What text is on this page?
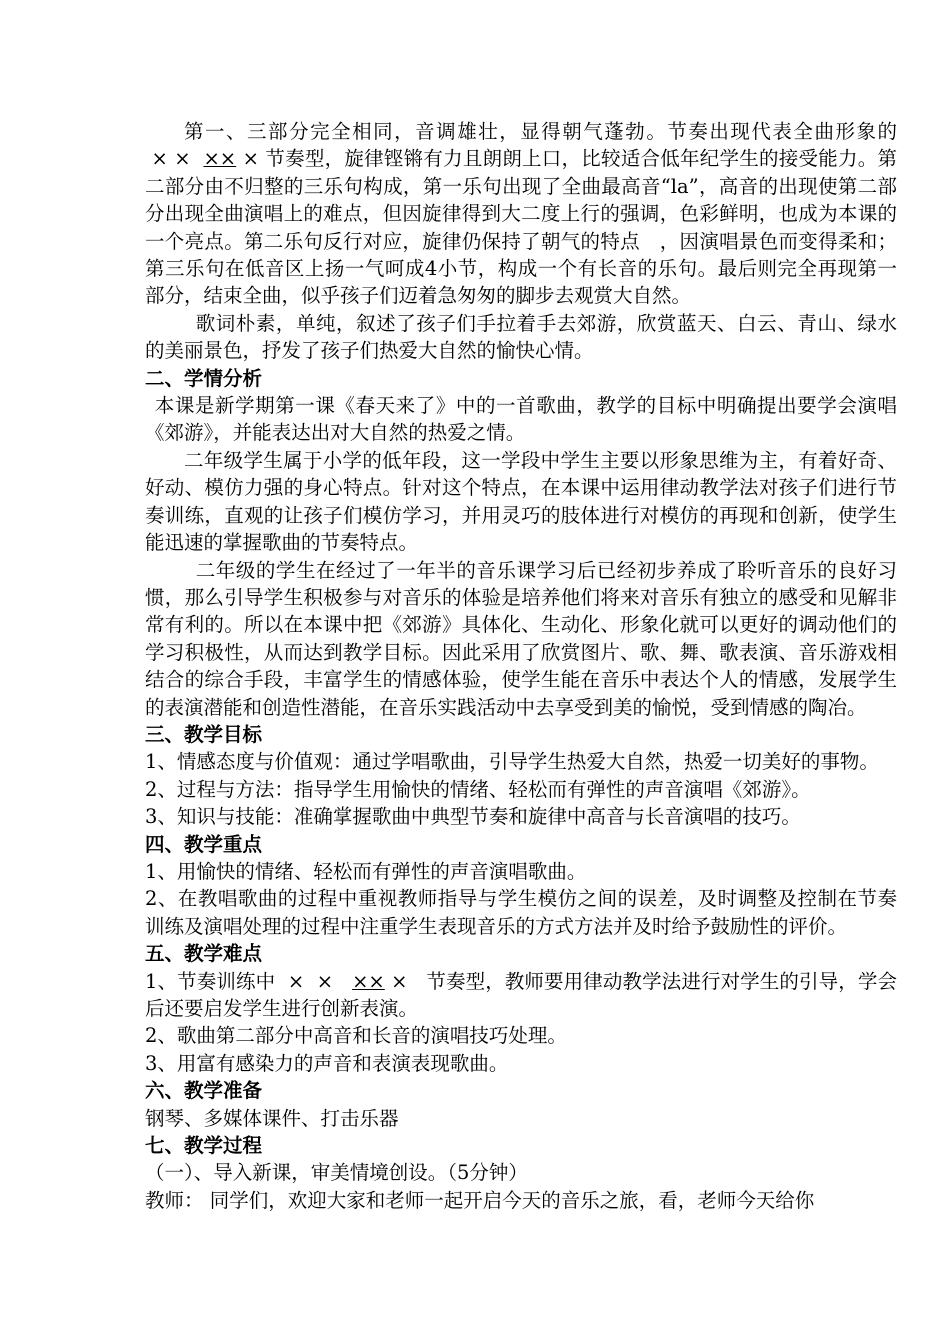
第一、三部分完全相同，音调雄壮，显得朝气蓬勃。节奏出现代表全曲形象的 × ×  ×× × 节奏型，旋律铿锵有力且朗朗上口，比较适合低年纪学生的接受能力。第二部分由不归整的三乐句构成，第一乐句出现了全曲最高音“la”，高音的出现使第二部分出现全曲演唱上的难点，但因旋律得到大二度上行的强调，色彩鲜明，也成为本课的一个亮点。第二乐句反行对应，旋律仍保持了朝气的特点　，因演唱景色而变得柔和；第三乐句在低音区上扬一气呵成4小节，构成一个有长音的乐句。最后则完全再现第一部分，结束全曲，似乎孩子们迈着急匆匆的脚步去观赏大自然。

歌词朴素，单纯，叙述了孩子们手拉着手去郊游，欣赏蓝天、白云、青山、绿水的美丽景色，抒发了孩子们热爱大自然的愉快心情。

二、学情分析

本课是新学期第一课《春天来了》中的一首歌曲，教学的目标中明确提出要学会演唱《郊游》，并能表达出对大自然的热爱之情。

二年级学生属于小学的低年段，这一学段中学生主要以形象思维为主，有着好奇、好动、模仿力强的身心特点。针对这个特点，在本课中运用律动教学法对孩子们进行节奏训练，直观的让孩子们模仿学习，并用灵巧的肢体进行对模仿的再现和创新，使学生能迅速的掌握歌曲的节奏特点。

二年级的学生在经过了一年半的音乐课学习后已经初步养成了聆听音乐的良好习惯，那么引导学生积极参与对音乐的体验是培养他们将来对音乐有独立的感受和见解非常有利的。所以在本课中把《郊游》具体化、生动化、形象化就可以更好的调动他们的学习积极性，从而达到教学目标。因此采用了欣赏图片、歌、舞、歌表演、音乐游戏相结合的综合手段，丰富学生的情感体验，使学生能在音乐中表达个人的情感，发展学生的表演潜能和创造性潜能，在音乐实践活动中去享受到美的愉悦，受到情感的陶冶。

三、教学目标

1、情感态度与价值观：通过学唱歌曲，引导学生热爱大自然，热爱一切美好的事物。

2、过程与方法：指导学生用愉快的情绪、轻松而有弹性的声音演唱《郊游》。

3、知识与技能：准确掌握歌曲中典型节奏和旋律中高音与长音演唱的技巧。

四、教学重点

1、用愉快的情绪、轻松而有弹性的声音演唱歌曲。

2、在教唱歌曲的过程中重视教师指导与学生模仿之间的误差，及时调整及控制在节奏训练及演唱处理的过程中注重学生表现音乐的方式方法并及时给予鼓励性的评价。

五、教学难点

1、节奏训练中  ×  ×   ×× ×   节奏型，教师要用律动教学法进行对学生的引导，学会后还要启发学生进行创新表演。

2、歌曲第二部分中高音和长音的演唱技巧处理。

3、用富有感染力的声音和表演表现歌曲。

六、教学准备

钢琴、多媒体课件、打击乐器

七、教学过程

（一）、导入新课，审美情境创设。（5分钟）

教师： 同学们，欢迎大家和老师一起开启今天的音乐之旅，看，老师今天给你
